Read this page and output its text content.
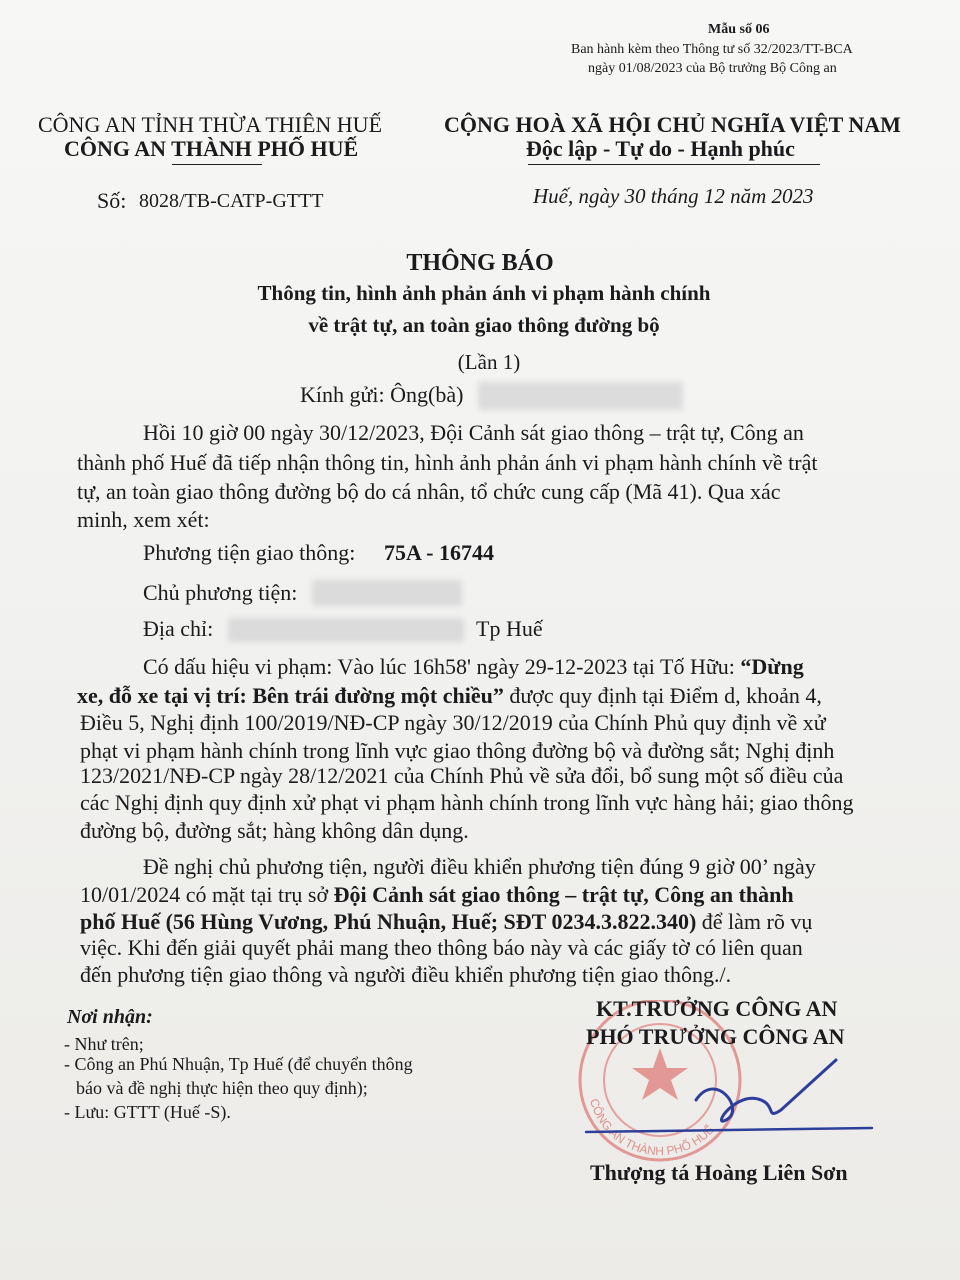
Mẫu số 06
Ban hành kèm theo Thông tư số 32/2023/TT-BCA
ngày 01/08/2023 của Bộ trưởng Bộ Công an
CÔNG AN TỈNH THỪA THIÊN HUẾ
CÔNG AN THÀNH PHỐ HUẾ
CỘNG HOÀ XÃ HỘI CHỦ NGHĨA VIỆT NAM
Độc lập - Tự do - Hạnh phúc
Số: 8028/TB-CATP-GTTT	Huế, ngày 30 tháng 12 năm 2023
THÔNG BÁO
Thông tin, hình ảnh phản ánh vi phạm hành chính
về trật tự, an toàn giao thông đường bộ
(Lần 1)
Kính gửi: Ông(bà)
Hồi 10 giờ 00 ngày 30/12/2023, Đội Cảnh sát giao thông – trật tự, Công an
thành phố Huế đã tiếp nhận thông tin, hình ảnh phản ánh vi phạm hành chính về trật
tự, an toàn giao thông đường bộ do cá nhân, tổ chức cung cấp (Mã 41). Qua xác
minh, xem xét:
Phương tiện giao thông: 75A - 16744
Chủ phương tiện:
Địa chỉ:	Tp Huế
Có dấu hiệu vi phạm: Vào lúc 16h58' ngày 29-12-2023 tại Tố Hữu: “Dừng
xe, đỗ xe tại vị trí: Bên trái đường một chiều” được quy định tại Điểm d, khoản 4,
Điều 5, Nghị định 100/2019/NĐ-CP ngày 30/12/2019 của Chính Phủ quy định về xử
phạt vi phạm hành chính trong lĩnh vực giao thông đường bộ và đường sắt; Nghị định
123/2021/NĐ-CP ngày 28/12/2021 của Chính Phủ về sửa đổi, bổ sung một số điều của
các Nghị định quy định xử phạt vi phạm hành chính trong lĩnh vực hàng hải; giao thông
đường bộ, đường sắt; hàng không dân dụng.
Đề nghị chủ phương tiện, người điều khiển phương tiện đúng 9 giờ 00’ ngày
10/01/2024 có mặt tại trụ sở Đội Cảnh sát giao thông – trật tự, Công an thành
phố Huế (56 Hùng Vương, Phú Nhuận, Huế; SĐT 0234.3.822.340) để làm rõ vụ
việc. Khi đến giải quyết phải mang theo thông báo này và các giấy tờ có liên quan
đến phương tiện giao thông và người điều khiển phương tiện giao thông./.
Nơi nhận:
- Như trên;
- Công an Phú Nhuận, Tp Huế (để chuyển thông
báo và đề nghị thực hiện theo quy định);
- Lưu: GTTT (Huế -S).	CÔNG AN THÀNH PHỐ HUẾ
KT.TRƯỞNG CÔNG AN
PHÓ TRƯỞNG CÔNG AN
Thượng tá Hoàng Liên Sơn
